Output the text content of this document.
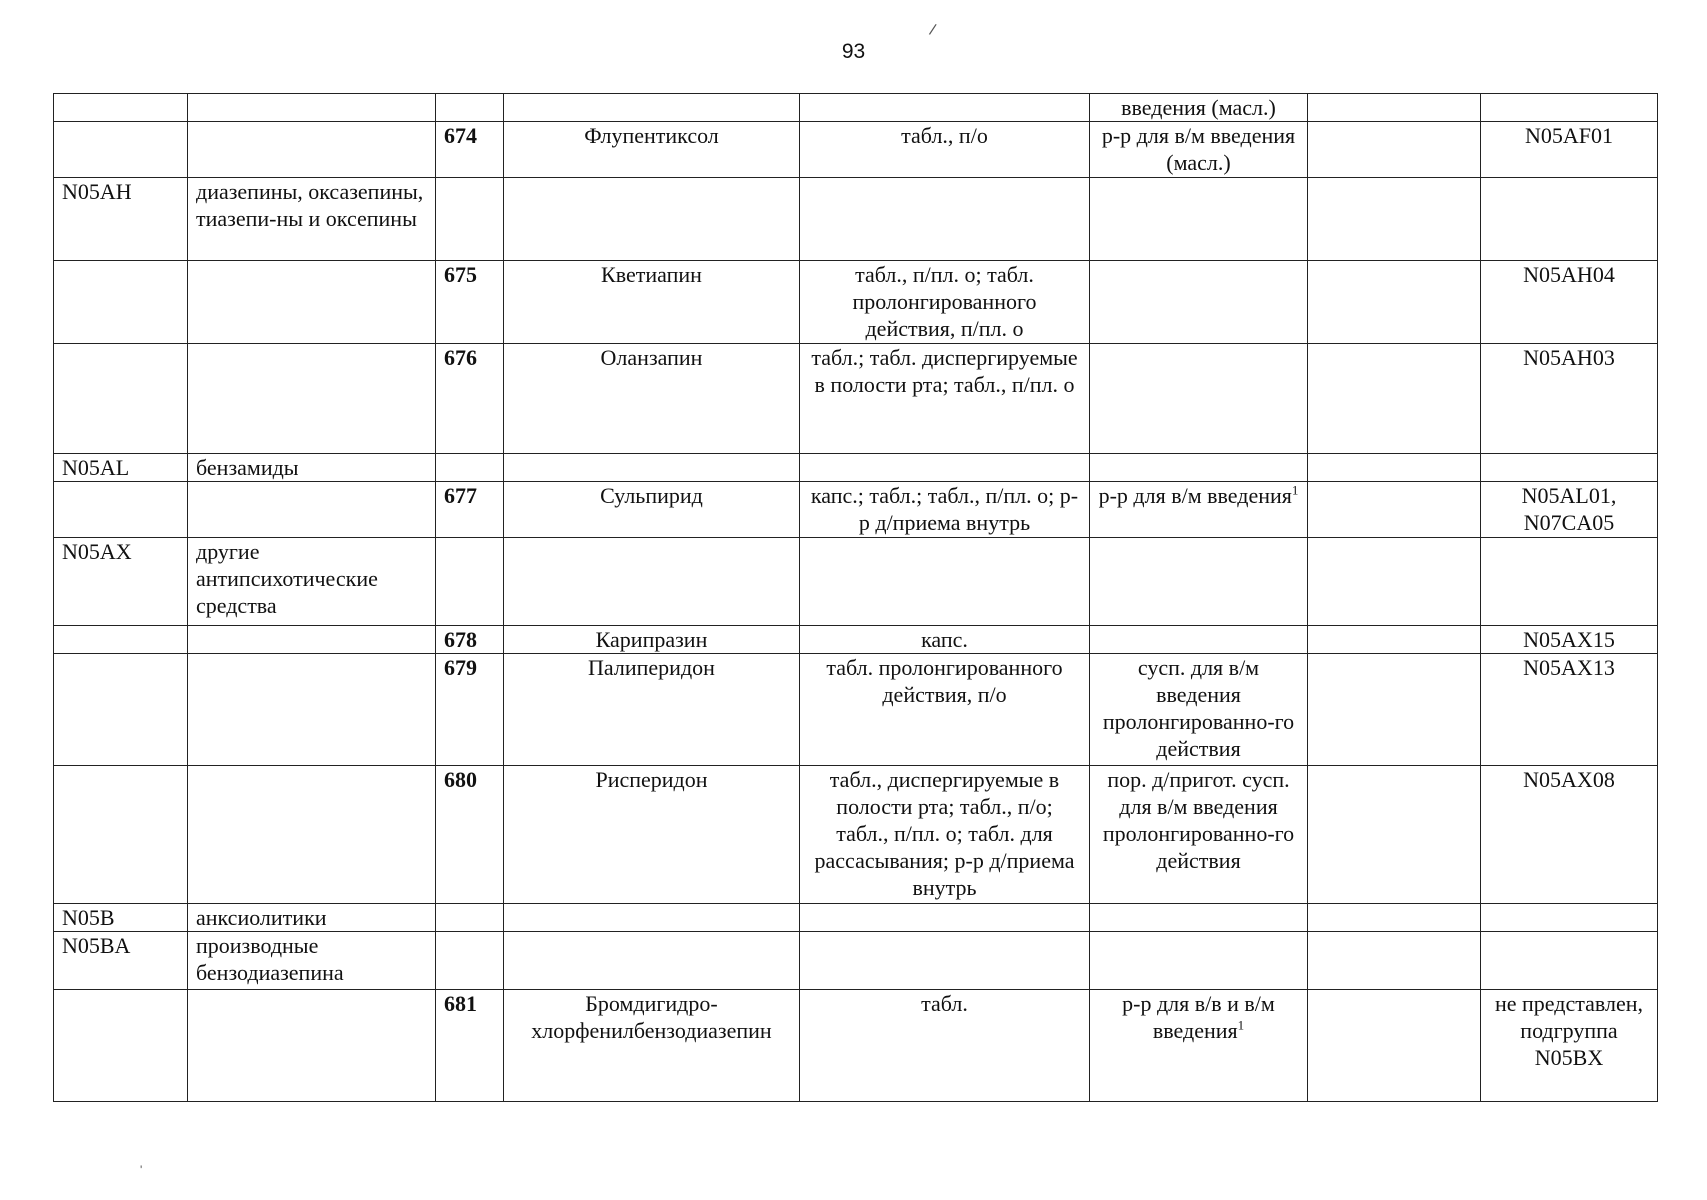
93
/
'
					введения (масл.)		
		674	Флупентиксол	табл., п/о	р-р для в/м введения (масл.)		N05AF01
N05AH	диазепины, оксазепины, тиазепи-ны и оксепины						
		675	Кветиапин	табл., п/пл. о; табл. пролонгированного действия, п/пл. о			N05AH04
		676	Оланзапин	табл.; табл. диспергируемые в полости рта; табл., п/пл. о			N05AH03
N05AL	бензамиды						
		677	Сульпирид	капс.; табл.; табл., п/пл. о; р-р д/приема внутрь	р-р для в/м введения$^1$		N05AL01, N07CA05
N05AX	другие антипсихотические средства						
		678	Карипразин	капс.			N05AX15
		679	Палиперидон	табл. пролонгированного действия, п/о	сусп. для в/м введения пролонгированно-го действия		N05AX13
		680	Рисперидон	табл., диспергируемые в полости рта; табл., п/о; табл., п/пл. о; табл. для рассасывания; р-р д/приема внутрь	пор. д/пригот. сусп. для в/м введения пролонгированно-го действия		N05AX08
N05B	анксиолитики						
N05BA	производные бензодиазепина						
		681	Бромдигидро-хлорфенилбензодиазепин	табл.	р-р для в/в и в/м введения$^1$		не представлен, подгруппа N05BX
